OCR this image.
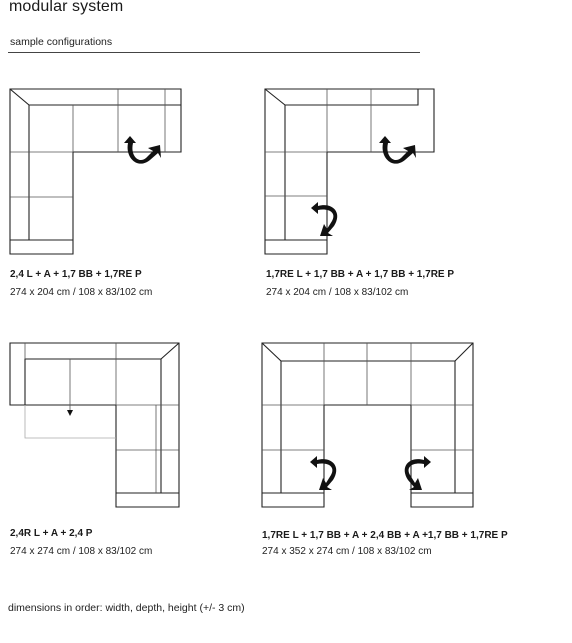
modular system
sample configurations
2,4 L + A + 1,7 BB + 1,7RE P
274 x 204 cm / 108 x 83/102 cm
1,7RE L + 1,7 BB + A + 1,7 BB + 1,7RE P
274 x 204 cm / 108 x 83/102 cm
2,4R L + A + 2,4 P
274 x 274 cm / 108 x 83/102 cm
1,7RE L + 1,7 BB + A + 2,4 BB + A +1,7 BB + 1,7RE P
274 x 352 x 274 cm / 108 x 83/102 cm
dimensions in order: width, depth, height (+/- 3 cm)
